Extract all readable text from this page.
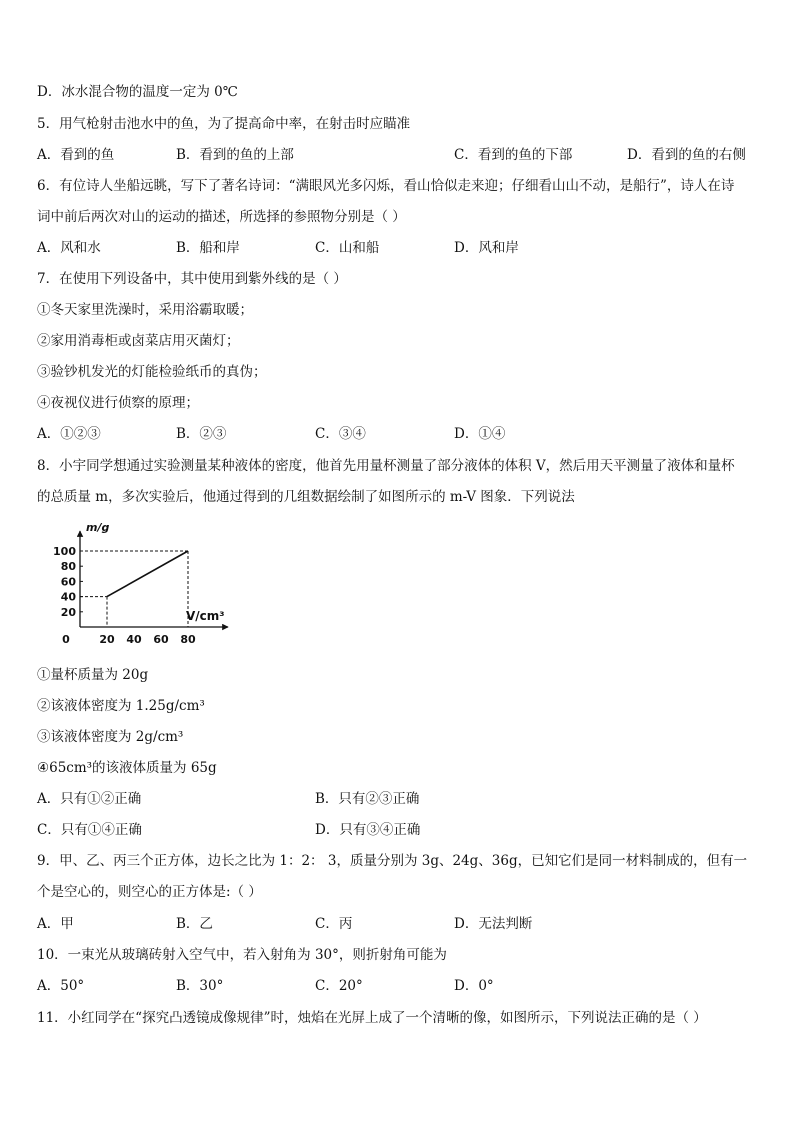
D．冰水混合物的温度一定为 0℃
5．用气枪射击池水中的鱼，为了提高命中率，在射击时应瞄准
A．看到的鱼	B．看到的鱼的上部	C．看到的鱼的下部	D．看到的鱼的右侧
6．有位诗人坐船远眺，写下了著名诗词：“满眼风光多闪烁，看山恰似走来迎；仔细看山山不动，是船行”，诗人在诗
词中前后两次对山的运动的描述，所选择的参照物分别是（ ）
A．风和水	B．船和岸	C．山和船	D．风和岸
7．在使用下列设备中，其中使用到紫外线的是（ ）
①冬天家里洗澡时，采用浴霸取暖；
②家用消毒柜或卤菜店用灭菌灯；
③验钞机发光的灯能检验纸币的真伪；
④夜视仪进行侦察的原理；
A．①②③	B．②③	C．③④	D．①④
8．小宇同学想通过实验测量某种液体的密度，他首先用量杯测量了部分液体的体积 V，然后用天平测量了液体和量杯
的总质量 m，多次实验后，他通过得到的几组数据绘制了如图所示的 m-V 图象．下列说法
m/g
V/cm³
0	20 40 60 80
20
40
60
80
100
①量杯质量为 20g
②该液体密度为 1.25g/cm³
③该液体密度为 2g/cm³
④65cm³的该液体质量为 65g
A．只有①②正确	B．只有②③正确
C．只有①④正确	D．只有③④正确
9．甲、乙、丙三个正方体，边长之比为 1：2： 3，质量分别为 3g、24g、36g，已知它们是同一材料制成的，但有一
个是空心的，则空心的正方体是:（ ）
A．甲	B．乙	C．丙	D．无法判断
10．一束光从玻璃砖射入空气中，若入射角为 30°，则折射角可能为
A．50°	B．30°	C．20°	D．0°
11．小红同学在“探究凸透镜成像规律”时，烛焰在光屏上成了一个清晰的像，如图所示，下列说法正确的是（ ）
